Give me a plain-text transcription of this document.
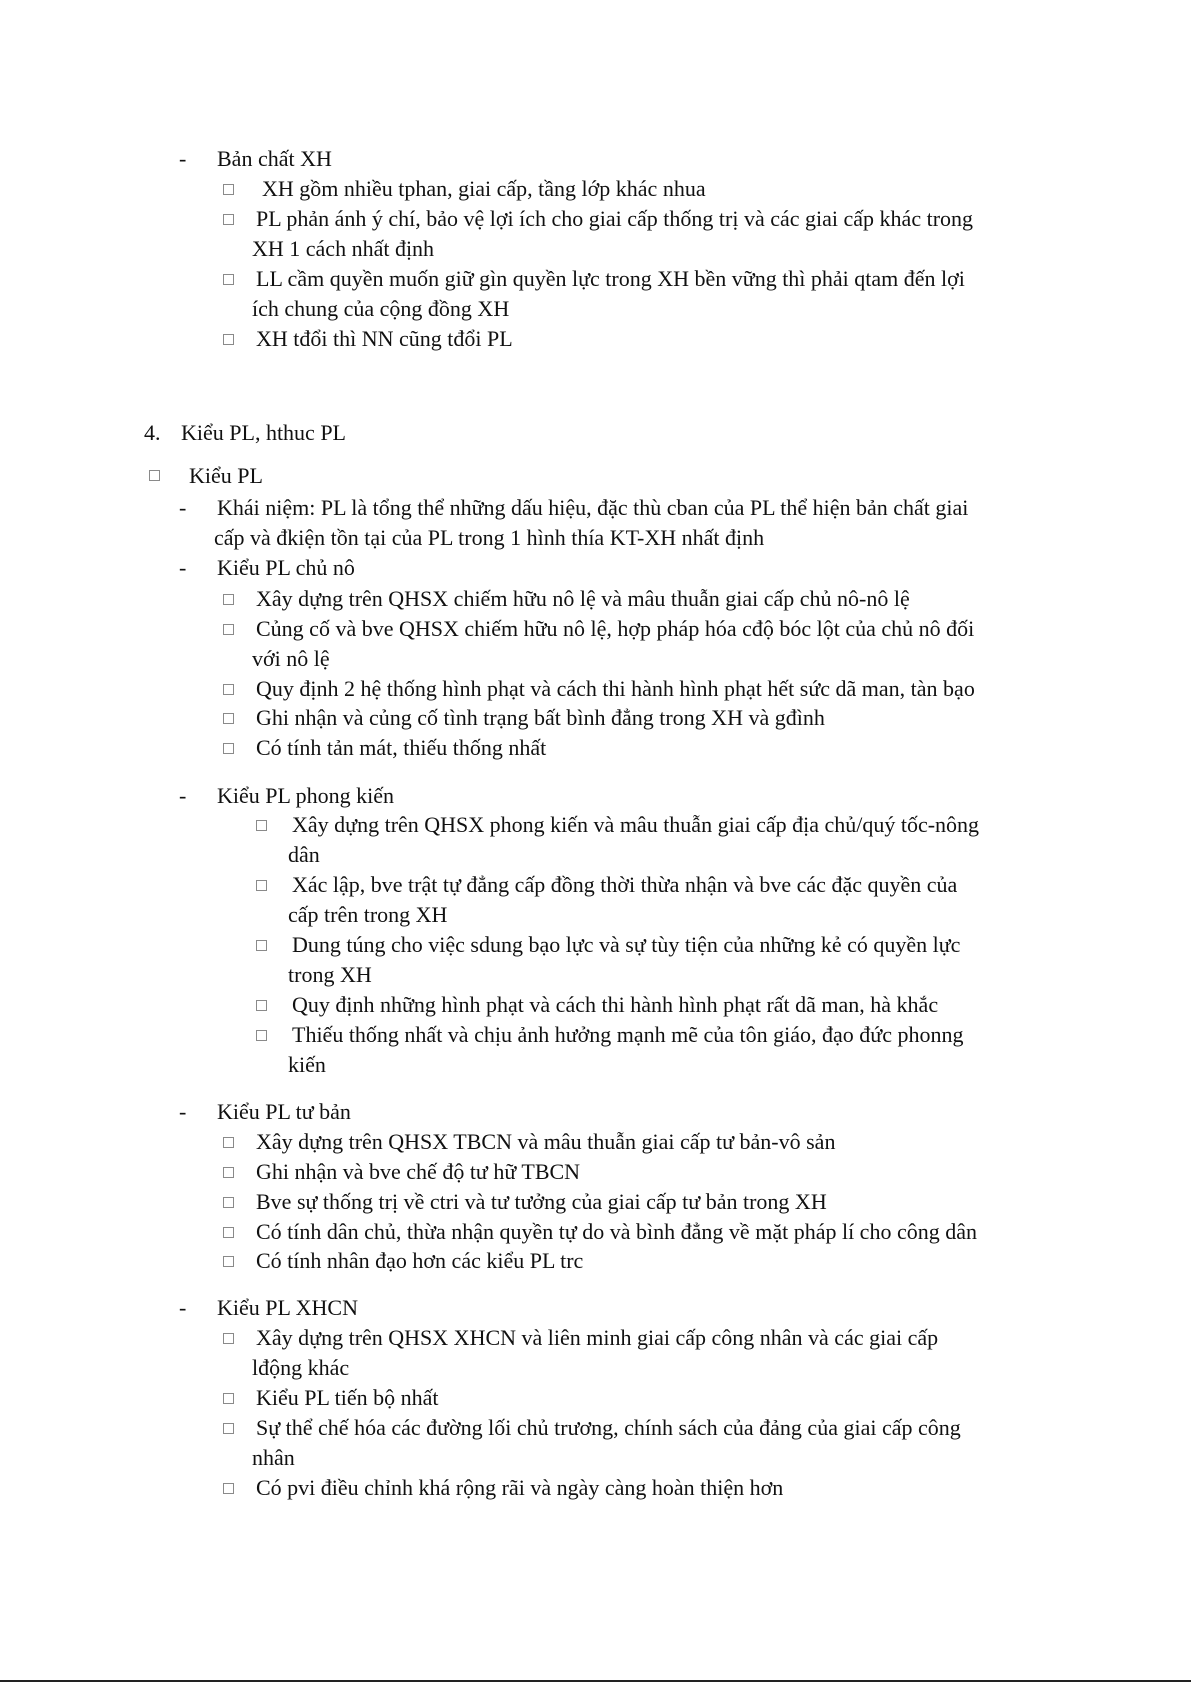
- Bản chất XH
XH gồm nhiều tphan, giai cấp, tầng lớp khác nhua
PL phản ánh ý chí, bảo vệ lợi ích cho giai cấp thống trị và các giai cấp khác trong
XH 1 cách nhất định
LL cầm quyền muốn giữ gìn quyền lực trong XH bền vững thì phải qtam đến lợi
ích chung của cộng đồng XH
XH tđổi thì NN cũng tđổi PL
4. Kiểu PL, hthuc PL
Kiểu PL
- Khái niệm: PL là tổng thể những dấu hiệu, đặc thù cban của PL thể hiện bản chất giai
cấp và đkiện tồn tại của PL trong 1 hình thía KT-XH nhất định
- Kiểu PL chủ nô
Xây dựng trên QHSX chiếm hữu nô lệ và mâu thuẫn giai cấp chủ nô-nô lệ
Củng cố và bve QHSX chiếm hữu nô lệ, hợp pháp hóa cđộ bóc lột của chủ nô đối
với nô lệ
Quy định 2 hệ thống hình phạt và cách thi hành hình phạt hết sức dã man, tàn bạo
Ghi nhận và củng cố tình trạng bất bình đẳng trong XH và gđình
Có tính tản mát, thiếu thống nhất
- Kiểu PL phong kiến
Xây dựng trên QHSX phong kiến và mâu thuẫn giai cấp địa chủ/quý tốc-nông
dân
Xác lập, bve trật tự đẳng cấp đồng thời thừa nhận và bve các đặc quyền của
cấp trên trong XH
Dung túng cho việc sdung bạo lực và sự tùy tiện của những kẻ có quyền lực
trong XH
Quy định những hình phạt và cách thi hành hình phạt rất dã man, hà khắc
Thiếu thống nhất và chịu ảnh hưởng mạnh mẽ của tôn giáo, đạo đức phonng
kiến
- Kiểu PL tư bản
Xây dựng trên QHSX TBCN và mâu thuẫn giai cấp tư bản-vô sản
Ghi nhận và bve chế độ tư hữ TBCN
Bve sự thống trị về ctri và tư tưởng của giai cấp tư bản trong XH
Có tính dân chủ, thừa nhận quyền tự do và bình đẳng về mặt pháp lí cho công dân
Có tính nhân đạo hơn các kiểu PL trc
- Kiểu PL XHCN
Xây dựng trên QHSX XHCN và liên minh giai cấp công nhân và các giai cấp
lđộng khác
Kiểu PL tiến bộ nhất
Sự thể chế hóa các đường lối chủ trương, chính sách của đảng của giai cấp công
nhân
Có pvi điều chỉnh khá rộng rãi và ngày càng hoàn thiện hơn
